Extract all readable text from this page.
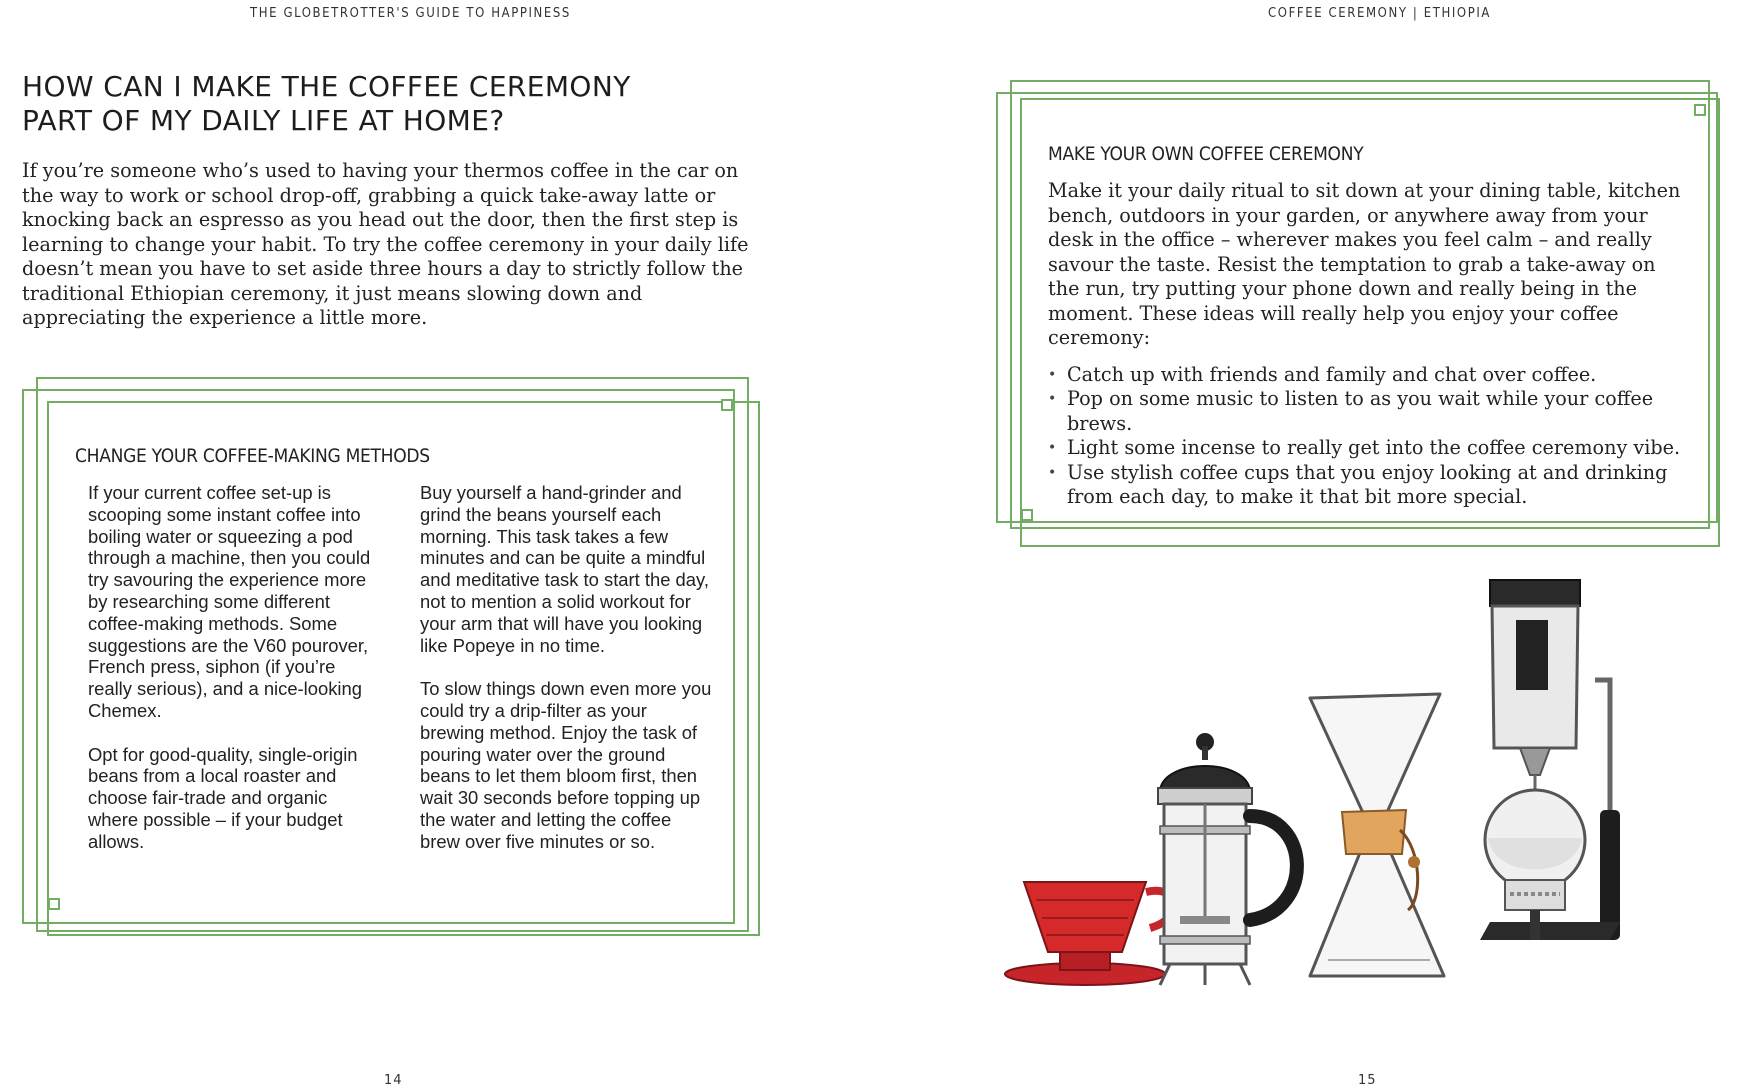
THE GLOBETROTTER'S GUIDE TO HAPPINESS
HOW CAN I MAKE THE COFFEE CEREMONY
PART OF MY DAILY LIFE AT HOME?

If you’re someone who’s used to having your thermos coffee in the car on the way to work or school drop-off, grabbing a quick take-away latte or knocking back an espresso as you head out the door, then the first step is learning to change your habit. To try the coffee ceremony in your daily life doesn’t mean you have to set aside three hours a day to strictly follow the traditional Ethiopian ceremony, it just means slowing down and appreciating the experience a little more.

CHANGE YOUR COFFEE-MAKING METHODS

If your current coffee set-up is scooping some instant coffee into boiling water or squeezing a pod through a machine, then you could try savouring the experience more by researching some different coffee-making methods. Some suggestions are the V60 pourover, French press, siphon (if you’re really serious), and a nice-looking Chemex.

Opt for good-quality, single-origin beans from a local roaster and choose fair-trade and organic where possible – if your budget allows.

Buy yourself a hand-grinder and grind the beans yourself each morning. This task takes a few minutes and can be quite a mindful and meditative task to start the day, not to mention a solid workout for your arm that will have you looking like Popeye in no time.

To slow things down even more you could try a drip-filter as your brewing method. Enjoy the task of pouring water over the ground beans to let them bloom first, then wait 30 seconds before topping up the water and letting the coffee brew over five minutes or so.

14
COFFEE CEREMONY | ETHIOPIA
MAKE YOUR OWN COFFEE CEREMONY

Make it your daily ritual to sit down at your dining table, kitchen bench, outdoors in your garden, or anywhere away from your desk in the office – wherever makes you feel calm – and really savour the taste. Resist the temptation to grab a take-away on the run, try putting your phone down and really being in the moment. These ideas will really help you enjoy your coffee ceremony:

• Catch up with friends and family and chat over coffee.
• Pop on some music to listen to as you wait while your coffee brews.
• Light some incense to really get into the coffee ceremony vibe.
• Use stylish coffee cups that you enjoy looking at and drinking from each day, to make it that bit more special.
15
